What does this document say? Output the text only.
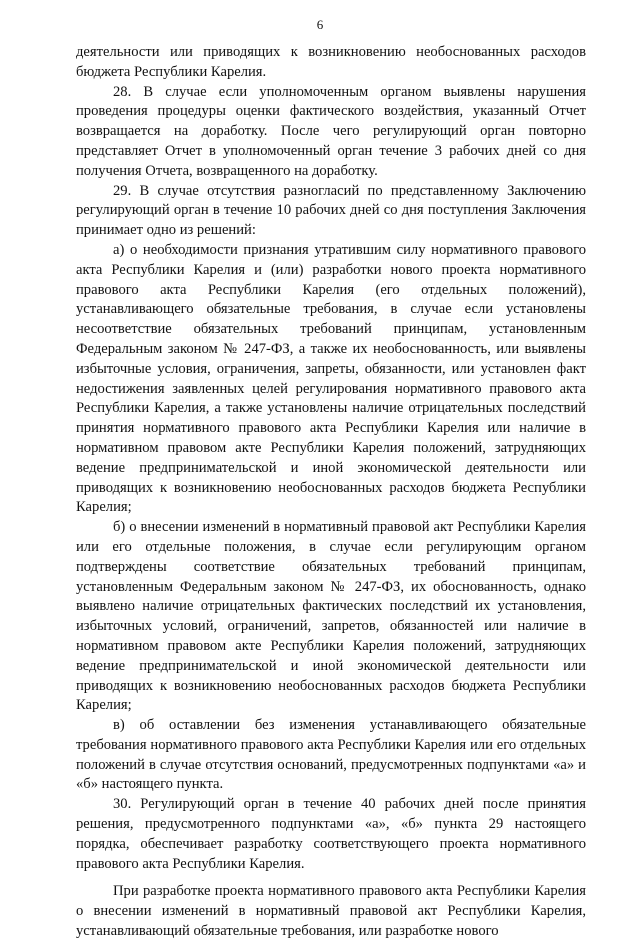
6

деятельности или приводящих к возникновению необоснованных расходов бюджета Республики Карелия.

28. В случае если уполномоченным органом выявлены нарушения проведения процедуры оценки фактического воздействия, указанный Отчет возвращается на доработку. После чего регулирующий орган повторно представляет Отчет в уполномоченный орган течение 3 рабочих дней со дня получения Отчета, возвращенного на доработку.

29. В случае отсутствия разногласий по представленному Заключению регулирующий орган в течение 10 рабочих дней со дня поступления Заключения принимает одно из решений:

а) о необходимости признания утратившим силу нормативного правового акта Республики Карелия и (или) разработки нового проекта нормативного правового акта Республики Карелия (его отдельных положений), устанавливающего обязательные требования, в случае если установлены несоответствие обязательных требований принципам, установленным Федеральным законом № 247-ФЗ, а также их необоснованность, или выявлены избыточные условия, ограничения, запреты, обязанности, или установлен факт недостижения заявленных целей регулирования нормативного правового акта Республики Карелия, а также установлены наличие отрицательных последствий принятия нормативного правового акта Республики Карелия или наличие в нормативном правовом акте Республики Карелия положений, затрудняющих ведение предпринимательской и иной экономической деятельности или приводящих к возникновению необоснованных расходов бюджета Республики Карелия;

б) о внесении изменений в нормативный правовой акт Республики Карелия или его отдельные положения, в случае если регулирующим органом подтверждены соответствие обязательных требований принципам, установленным Федеральным законом № 247-ФЗ, их обоснованность, однако выявлено наличие отрицательных фактических последствий их установления, избыточных условий, ограничений, запретов, обязанностей или наличие в нормативном правовом акте Республики Карелия положений, затрудняющих ведение предпринимательской и иной экономической деятельности или приводящих к возникновению необоснованных расходов бюджета Республики Карелия;

в) об оставлении без изменения устанавливающего обязательные требования нормативного правового акта Республики Карелия или его отдельных положений в случае отсутствия оснований, предусмотренных подпунктами «а» и «б» настоящего пункта.

30. Регулирующий орган в течение 40 рабочих дней после принятия решения, предусмотренного подпунктами «а», «б» пункта 29 настоящего порядка, обеспечивает разработку соответствующего проекта нормативного правового акта Республики Карелия.

При разработке проекта нормативного правового акта Республики Карелия о внесении изменений в нормативный правовой акт Республики Карелия, устанавливающий обязательные требования, или разработке нового
